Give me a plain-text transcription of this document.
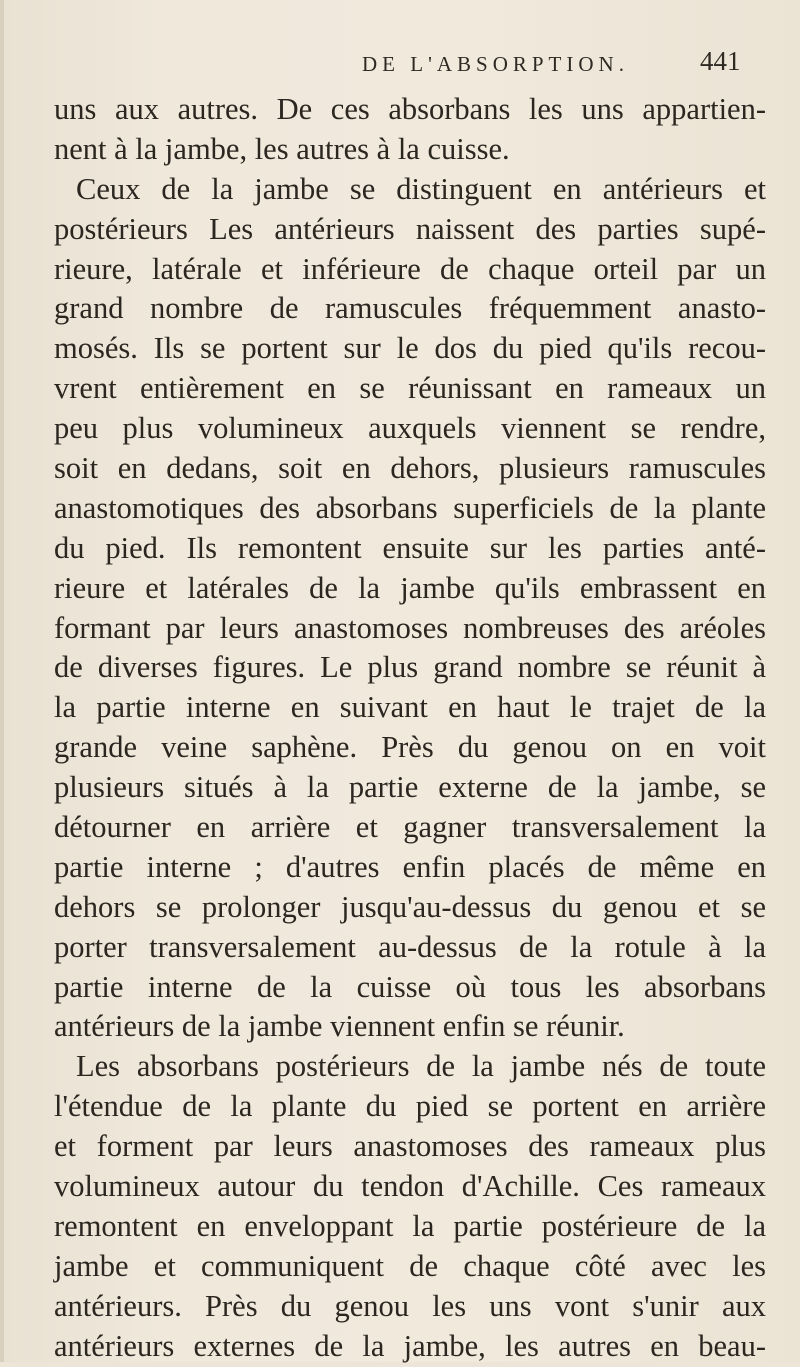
DE L'ABSORPTION.	441
uns aux autres. De ces absorbans les uns appartien-
nent à la jambe, les autres à la cuisse.
Ceux de la jambe se distinguent en antérieurs et
postérieurs Les antérieurs naissent des parties supé-
rieure, latérale et inférieure de chaque orteil par un
grand nombre de ramuscules fréquemment anasto-
mosés. Ils se portent sur le dos du pied qu'ils recou-
vrent entièrement en se réunissant en rameaux un
peu plus volumineux auxquels viennent se rendre,
soit en dedans, soit en dehors, plusieurs ramuscules
anastomotiques des absorbans superficiels de la plante
du pied. Ils remontent ensuite sur les parties anté-
rieure et latérales de la jambe qu'ils embrassent en
formant par leurs anastomoses nombreuses des aréoles
de diverses figures. Le plus grand nombre se réunit à
la partie interne en suivant en haut le trajet de la
grande veine saphène. Près du genou on en voit
plusieurs situés à la partie externe de la jambe, se
détourner en arrière et gagner transversalement la
partie interne ; d'autres enfin placés de même en
dehors se prolonger jusqu'au-dessus du genou et se
porter transversalement au-dessus de la rotule à la
partie interne de la cuisse où tous les absorbans
antérieurs de la jambe viennent enfin se réunir.
Les absorbans postérieurs de la jambe nés de toute
l'étendue de la plante du pied se portent en arrière
et forment par leurs anastomoses des rameaux plus
volumineux autour du tendon d'Achille. Ces rameaux
remontent en enveloppant la partie postérieure de la
jambe et communiquent de chaque côté avec les
antérieurs. Près du genou les uns vont s'unir aux
antérieurs externes de la jambe, les autres en beau-
